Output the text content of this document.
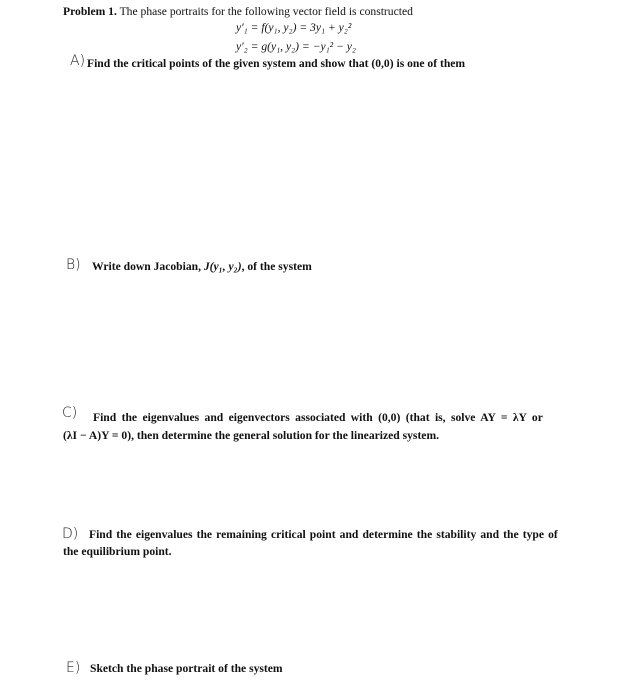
Problem 1. The phase portraits for the following vector field is constructed
y′₁ = f(y₁, y₂) = 3y₁ + y₂²
y′₂ = g(y₁, y₂) = −y₁² − y₂
A) Find the critical points of the given system and show that (0,0) is one of them
B) Write down Jacobian, J(y₁, y₂), of the system
C) Find the eigenvalues and eigenvectors associated with (0,0) (that is, solve AY = λY or
(λI − A)Y = 0), then determine the general solution for the linearized system.
D) Find the eigenvalues the remaining critical point and determine the stability and the type of
the equilibrium point.
E) Sketch the phase portrait of the system
